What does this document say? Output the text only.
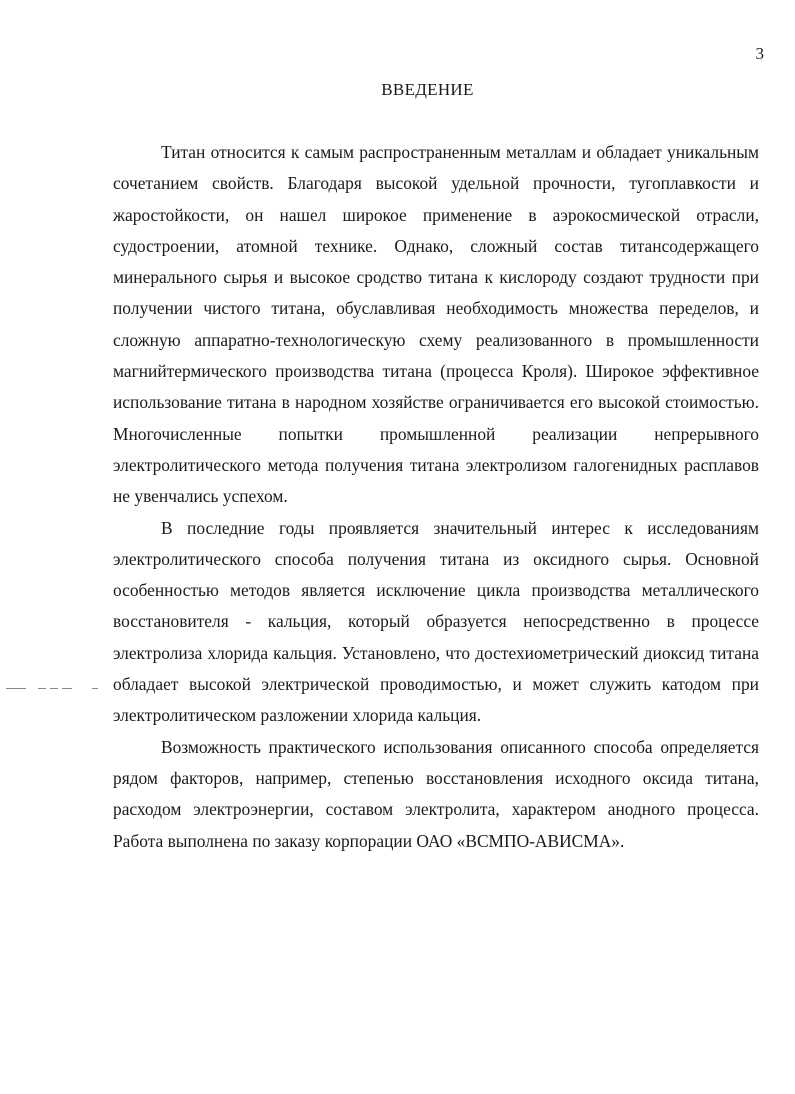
3
ВВЕДЕНИЕ

Титан относится к самым распространенным металлам и обладает уникальным сочетанием свойств. Благодаря высокой удельной прочности, тугоплавкости и жаростойкости, он нашел широкое применение в аэрокосмической отрасли, судостроении, атомной технике. Однако, сложный состав титансодержащего минерального сырья и высокое сродство титана к кислороду создают трудности при получении чистого титана, обуславливая необходимость множества переделов, и сложную аппаратно-технологическую схему реализованного в промышленности магнийтермического производства титана (процесса Кроля). Широкое эффективное использование титана в народном хозяйстве ограничивается его высокой стоимостью. Многочисленные попытки промышленной реализации непрерывного электролитического метода получения титана электролизом галогенидных расплавов не увенчались успехом.

В последние годы проявляется значительный интерес к исследованиям электролитического способа получения титана из оксидного сырья. Основной особенностью методов является исключение цикла производства металлического восстановителя - кальция, который образуется непосредственно в процессе электролиза хлорида кальция. Установлено, что достехиометрический диоксид титана обладает высокой электрической проводимостью, и может служить катодом при электролитическом разложении хлорида кальция.

Возможность практического использования описанного способа определяется рядом факторов, например, степенью восстановления исходного оксида титана, расходом электроэнергии, составом электролита, характером анодного процесса. Работа выполнена по заказу корпорации ОАО «ВСМПО-АВИСМА».
